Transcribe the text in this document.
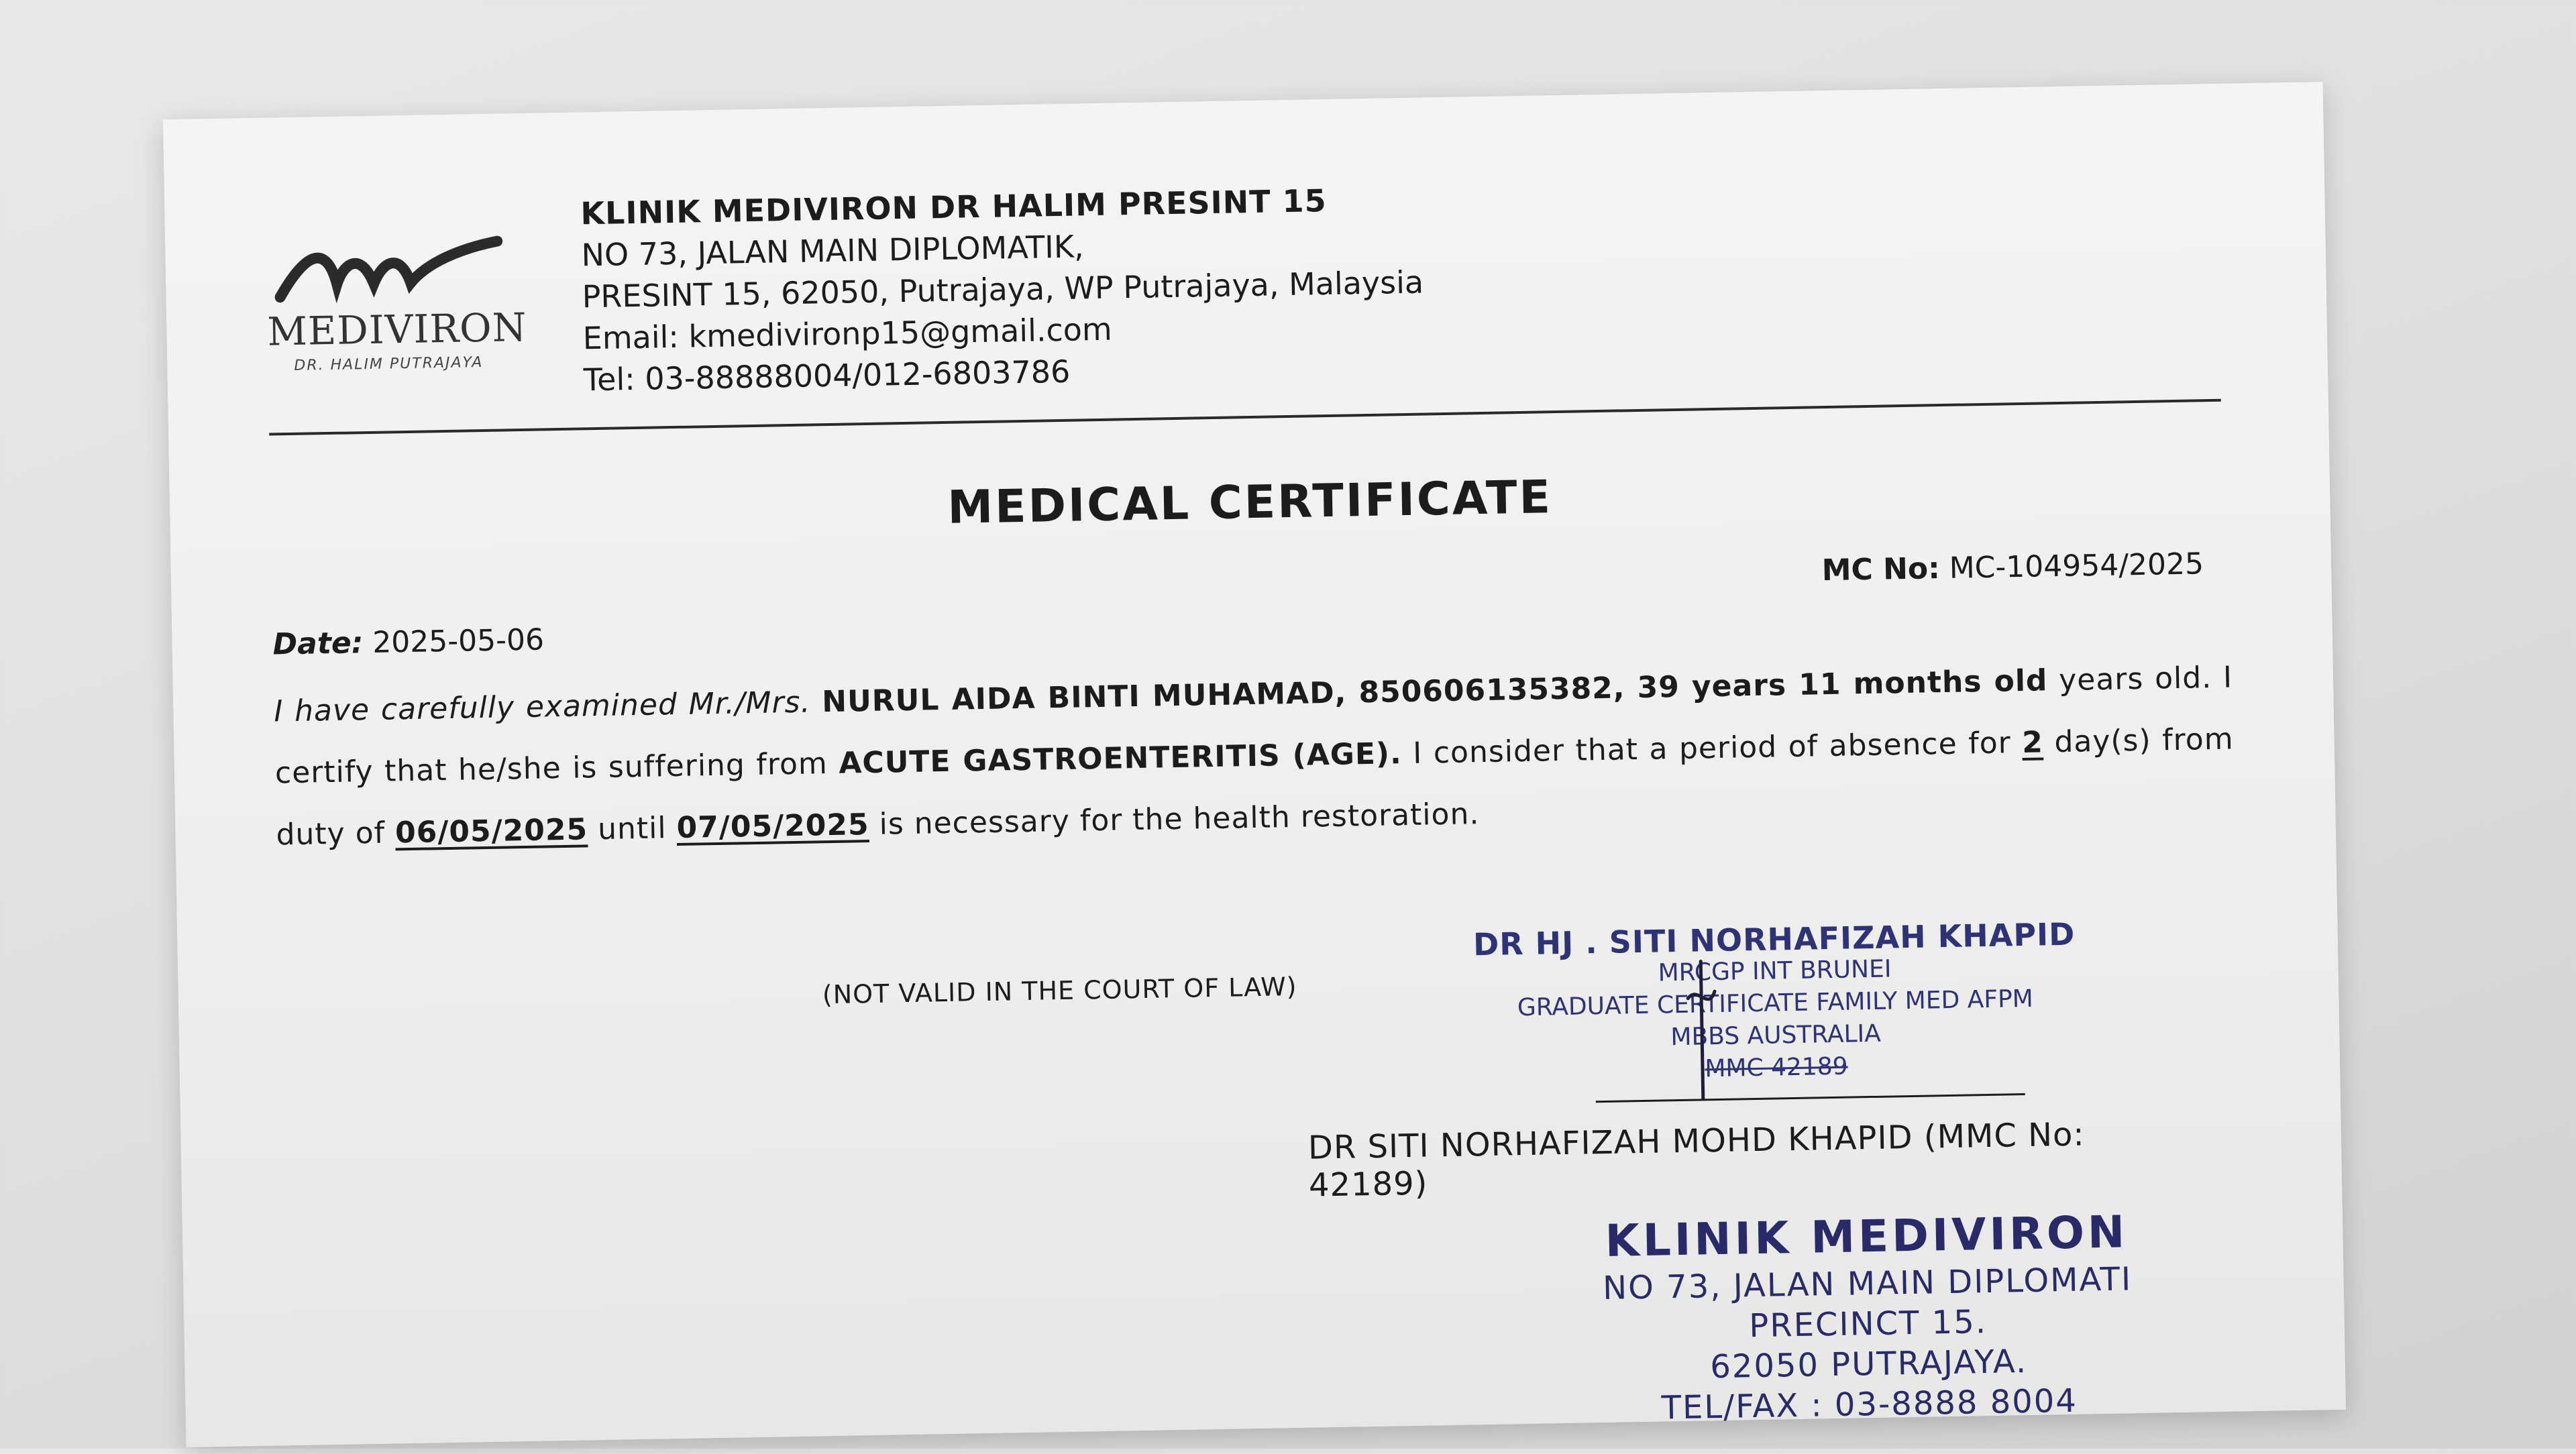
MEDIVIRON
DR. HALIM PUTRAJAYA
KLINIK MEDIVIRON DR HALIM PRESINT 15
NO 73, JALAN MAIN DIPLOMATIK,
PRESINT 15, 62050, Putrajaya, WP Putrajaya, Malaysia
Email: kmedivironp15@gmail.com
Tel: 03-88888004/012-6803786
MEDICAL CERTIFICATE
MC No: MC-104954/2025
Date: 2025-05-06
I have carefully examined Mr./Mrs. NURUL AIDA BINTI MUHAMAD, 850606135382, 39 years 11 months old years old. I certify that he/she is suffering from ACUTE GASTROENTERITIS (AGE). I consider that a period of absence for 2 day(s) from duty of 06/05/2025 until 07/05/2025 is necessary for the health restoration.
(NOT VALID IN THE COURT OF LAW)
DR HJ . SITI NORHAFIZAH KHAPID
MRCGP INT BRUNEI
GRADUATE CERTIFICATE FAMILY MED AFPM
MBBS AUSTRALIA
MMC 42189
DR SITI NORHAFIZAH MOHD KHAPID (MMC No: 42189)
KLINIK MEDIVIRON
NO 73, JALAN MAIN DIPLOMATI
PRECINCT 15.
62050 PUTRAJAYA.
TEL/FAX : 03-8888 8004
